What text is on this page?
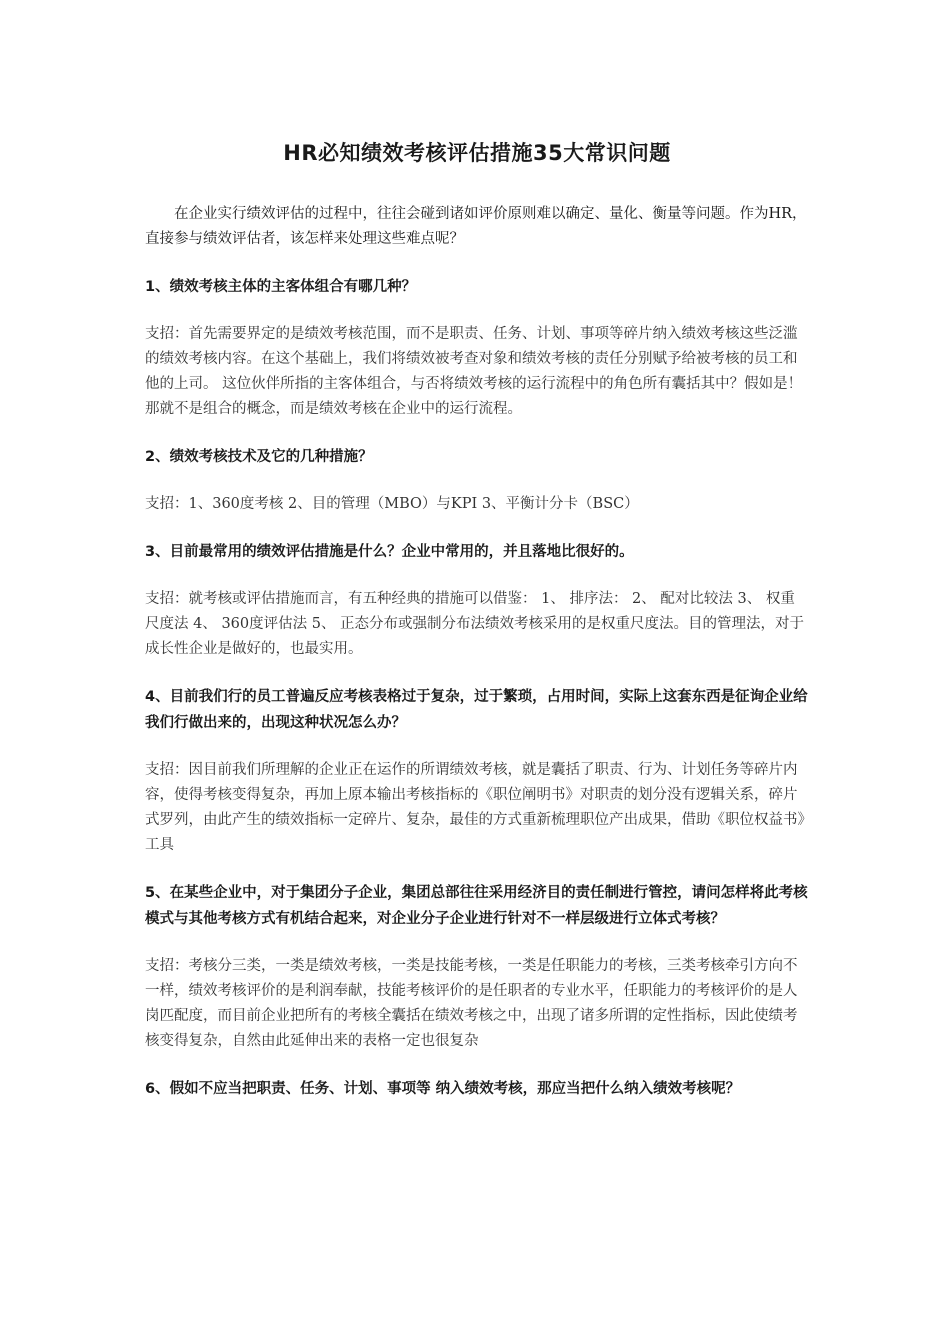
HR必知绩效考核评估措施35大常识问题

在企业实行绩效评估的过程中，往往会碰到诸如评价原则难以确定、量化、衡量等问题。作为HR，直接参与绩效评估者，该怎样来处理这些难点呢？

1、绩效考核主体的主客体组合有哪几种？

支招：首先需要界定的是绩效考核范围，而不是职责、任务、计划、事项等碎片纳入绩效考核这些泛滥的绩效考核内容。在这个基础上，我们将绩效被考查对象和绩效考核的责任分别赋予给被考核的员工和他的上司。 这位伙伴所指的主客体组合，与否将绩效考核的运行流程中的角色所有囊括其中？假如是！那就不是组合的概念，而是绩效考核在企业中的运行流程。

2、绩效考核技术及它的几种措施？

支招：1、360度考核 2、目的管理（MBO）与KPI 3、平衡计分卡（BSC）

3、目前最常用的绩效评估措施是什么？企业中常用的，并且落地比很好的。

支招：就考核或评估措施而言，有五种经典的措施可以借鉴： 1、 排序法： 2、 配对比较法 3、 权重尺度法 4、 360度评估法 5、 正态分布或强制分布法绩效考核采用的是权重尺度法。目的管理法，对于成长性企业是做好的，也最实用。

4、目前我们行的员工普遍反应考核表格过于复杂，过于繁琐，占用时间，实际上这套东西是征询企业给我们行做出来的，出现这种状况怎么办？

支招：因目前我们所理解的企业正在运作的所谓绩效考核，就是囊括了职责、行为、计划任务等碎片内容，使得考核变得复杂，再加上原本输出考核指标的《职位阐明书》对职责的划分没有逻辑关系，碎片式罗列，由此产生的绩效指标一定碎片、复杂，最佳的方式重新梳理职位产出成果，借助《职位权益书》工具

5、在某些企业中，对于集团分子企业，集团总部往往采用经济目的责任制进行管控，请问怎样将此考核模式与其他考核方式有机结合起来，对企业分子企业进行针对不一样层级进行立体式考核？

支招：考核分三类，一类是绩效考核，一类是技能考核，一类是任职能力的考核，三类考核牵引方向不一样，绩效考核评价的是利润奉献，技能考核评价的是任职者的专业水平，任职能力的考核评价的是人岗匹配度，而目前企业把所有的考核全囊括在绩效考核之中，出现了诸多所谓的定性指标，因此使绩考核变得复杂，自然由此延伸出来的表格一定也很复杂

6、假如不应当把职责、任务、计划、事项等 纳入绩效考核，那应当把什么纳入绩效考核呢？
